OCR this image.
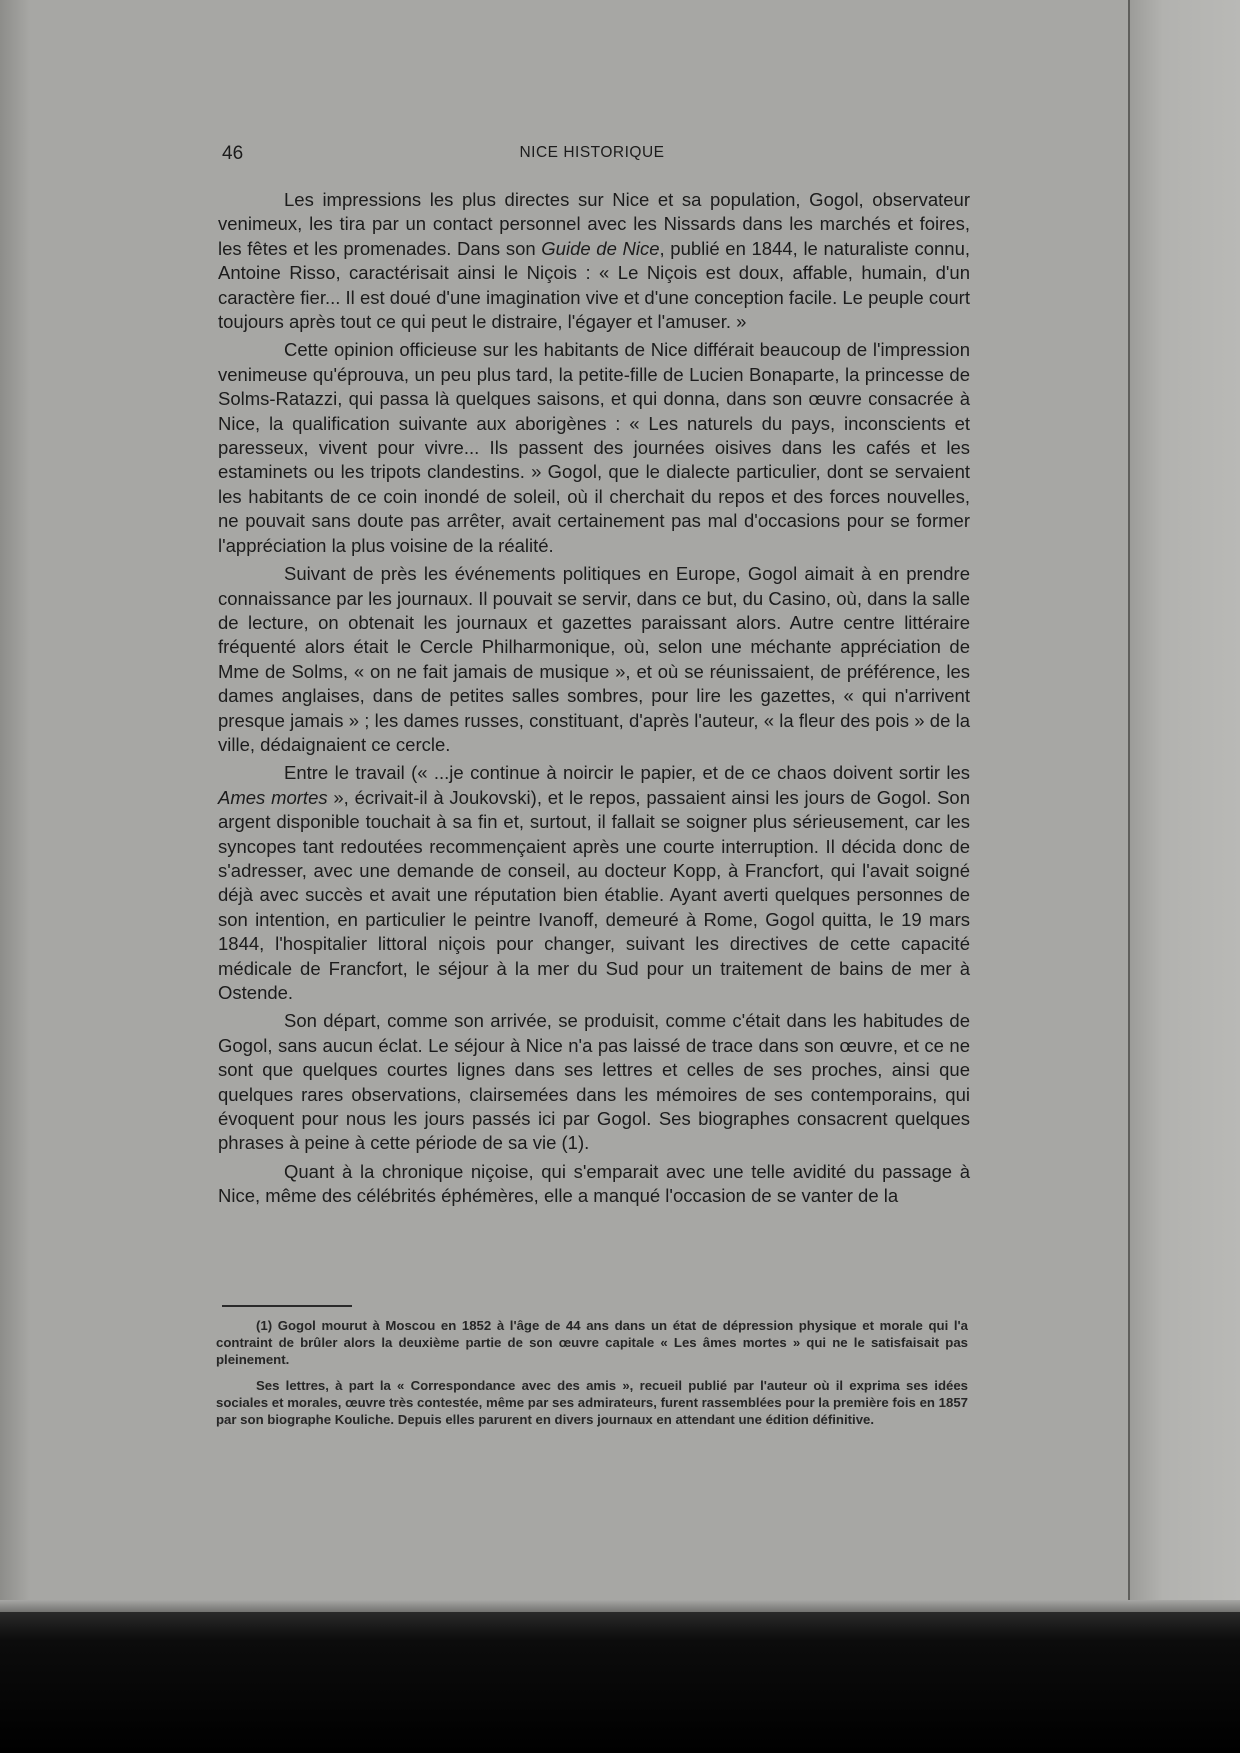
46	NICE HISTORIQUE

Les impressions les plus directes sur Nice et sa population, Gogol, observateur venimeux, les tira par un contact personnel avec les Nissards dans les marchés et foires, les fêtes et les promenades. Dans son Guide de Nice, publié en 1844, le naturaliste connu, Antoine Risso, caractérisait ainsi le Niçois : « Le Niçois est doux, affable, humain, d'un caractère fier... Il est doué d'une imagination vive et d'une conception facile. Le peuple court toujours après tout ce qui peut le distraire, l'égayer et l'amuser. »

Cette opinion officieuse sur les habitants de Nice différait beaucoup de l'impression venimeuse qu'éprouva, un peu plus tard, la petite-fille de Lucien Bonaparte, la princesse de Solms-Ratazzi, qui passa là quelques saisons, et qui donna, dans son œuvre consacrée à Nice, la qualification suivante aux aborigènes : « Les naturels du pays, inconscients et paresseux, vivent pour vivre... Ils passent des journées oisives dans les cafés et les estaminets ou les tripots clandestins. » Gogol, que le dialecte particulier, dont se servaient les habitants de ce coin inondé de soleil, où il cherchait du repos et des forces nouvelles, ne pouvait sans doute pas arrêter, avait certainement pas mal d'occasions pour se former l'appréciation la plus voisine de la réalité.

Suivant de près les événements politiques en Europe, Gogol aimait à en prendre connaissance par les journaux. Il pouvait se servir, dans ce but, du Casino, où, dans la salle de lecture, on obtenait les journaux et gazettes paraissant alors. Autre centre littéraire fréquenté alors était le Cercle Philharmonique, où, selon une méchante appréciation de Mme de Solms, « on ne fait jamais de musique », et où se réunissaient, de préférence, les dames anglaises, dans de petites salles sombres, pour lire les gazettes, « qui n'arrivent presque jamais » ; les dames russes, constituant, d'après l'auteur, « la fleur des pois » de la ville, dédaignaient ce cercle.

Entre le travail (« ...je continue à noircir le papier, et de ce chaos doivent sortir les Ames mortes », écrivait-il à Joukovski), et le repos, passaient ainsi les jours de Gogol. Son argent disponible touchait à sa fin et, surtout, il fallait se soigner plus sérieusement, car les syncopes tant redoutées recommençaient après une courte interruption. Il décida donc de s'adresser, avec une demande de conseil, au docteur Kopp, à Francfort, qui l'avait soigné déjà avec succès et avait une réputation bien établie. Ayant averti quelques personnes de son intention, en particulier le peintre Ivanoff, demeuré à Rome, Gogol quitta, le 19 mars 1844, l'hospitalier littoral niçois pour changer, suivant les directives de cette capacité médicale de Francfort, le séjour à la mer du Sud pour un traitement de bains de mer à Ostende.

Son départ, comme son arrivée, se produisit, comme c'était dans les habitudes de Gogol, sans aucun éclat. Le séjour à Nice n'a pas laissé de trace dans son œuvre, et ce ne sont que quelques courtes lignes dans ses lettres et celles de ses proches, ainsi que quelques rares observations, clairsemées dans les mémoires de ses contemporains, qui évoquent pour nous les jours passés ici par Gogol. Ses biographes consacrent quelques phrases à peine à cette période de sa vie (1).

Quant à la chronique niçoise, qui s'emparait avec une telle avidité du passage à Nice, même des célébrités éphémères, elle a manqué l'occasion de se vanter de la

(1) Gogol mourut à Moscou en 1852 à l'âge de 44 ans dans un état de dépression physique et morale qui l'a contraint de brûler alors la deuxième partie de son œuvre capitale « Les âmes mortes » qui ne le satisfaisait pas pleinement.

Ses lettres, à part la « Correspondance avec des amis », recueil publié par l'auteur où il exprima ses idées sociales et morales, œuvre très contestée, même par ses admirateurs, furent rassemblées pour la première fois en 1857 par son biographe Kouliche. Depuis elles parurent en divers journaux en attendant une édition définitive.
